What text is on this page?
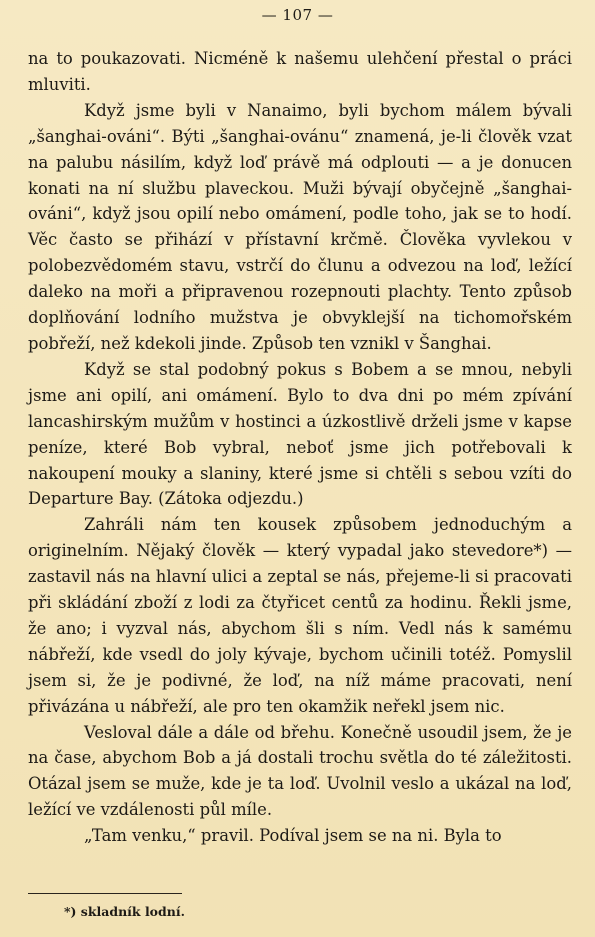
— 107 —

na to poukazovati. Nicméně k našemu ulehčení přestal o práci mluviti.

Když jsme byli v Nanaimo, byli bychom málem bývali „šanghai-ováni“. Býti „šanghai-ovánu“ znamená, je-li člověk vzat na palubu násilím, když loď právě má odplouti — a je donucen konati na ní službu plaveckou. Muži bývají obyčejně „šanghai-ováni“, když jsou opilí nebo omámení, podle toho, jak se to hodí. Věc často se přihází v přístavní krčmě. Člověka vyvlekou v polobezvědomém stavu, vstrčí do člunu a odvezou na loď, ležící daleko na moři a připravenou rozepnouti plachty. Tento způsob doplňování lodního mužstva je obvyklejší na tichomořském pobřeží, než kdekoli jinde. Způsob ten vznikl v Šanghai.

Když se stal podobný pokus s Bobem a se mnou, nebyli jsme ani opilí, ani omámení. Bylo to dva dni po mém zpívání lancashirským mužům v hostinci a úzkostlivě drželi jsme v kapse peníze, které Bob vybral, neboť jsme jich potřebovali k nakoupení mouky a slaniny, které jsme si chtěli s sebou vzíti do Departure Bay. (Zátoka odjezdu.)

Zahráli nám ten kousek způsobem jednoduchým a originelním. Nějaký člověk — který vypadal jako stevedore*) — zastavil nás na hlavní ulici a zeptal se nás, přejeme-li si pracovati při skládání zboží z lodi za čtyřicet centů za hodinu. Řekli jsme, že ano; i vyzval nás, abychom šli s ním. Vedl nás k samému nábřeží, kde vsedl do joly kývaje, bychom učinili totéž. Pomyslil jsem si, že je podivné, že loď, na níž máme pracovati, není přivázána u nábřeží, ale pro ten okamžik neřekl jsem nic.

Veslоval dále a dále od břehu. Konečně usoudil jsem, že je na čase, abychom Bob a já dostali trochu světla do té záležitosti. Otázal jsem se muže, kde je ta loď. Uvolnil veslo a ukázal na loď, ležící ve vzdálenosti půl míle.

„Tam venku,“ pravil. Podíval jsem se na ni. Byla to

*) skladník lodní.
